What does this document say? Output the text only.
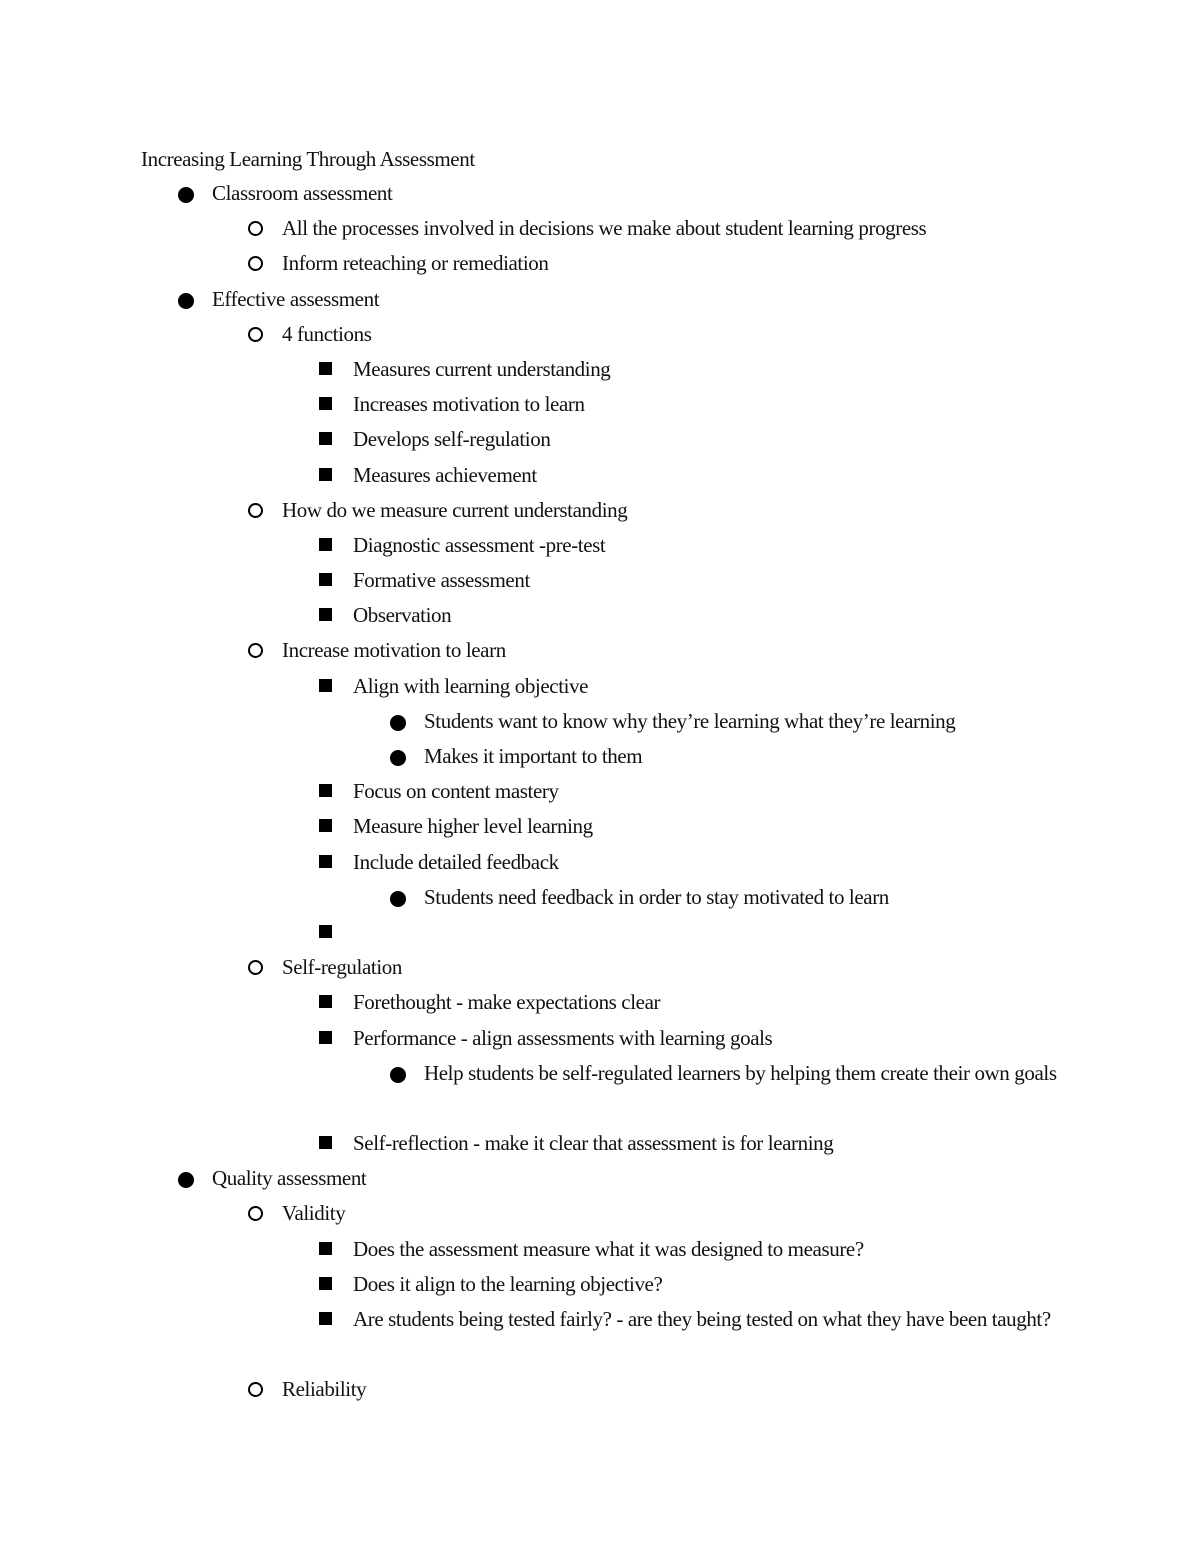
Increasing Learning Through Assessment
Classroom assessment
All the processes involved in decisions we make about student learning progress
Inform reteaching or remediation
Effective assessment
4 functions
Measures current understanding
Increases motivation to learn
Develops self-regulation
Measures achievement
How do we measure current understanding
Diagnostic assessment -pre-test
Formative assessment
Observation
Increase motivation to learn
Align with learning objective
Students want to know why they’re learning what they’re learning
Makes it important to them
Focus on content mastery
Measure higher level learning
Include detailed feedback
Students need feedback in order to stay motivated to learn
Self-regulation
Forethought - make expectations clear
Performance - align assessments with learning goals
Help students be self-regulated learners by helping them create their own goals
Self-reflection - make it clear that assessment is for learning
Quality assessment
Validity
Does the assessment measure what it was designed to measure?
Does it align to the learning objective?
Are students being tested fairly? - are they being tested on what they have been taught?
Reliability
